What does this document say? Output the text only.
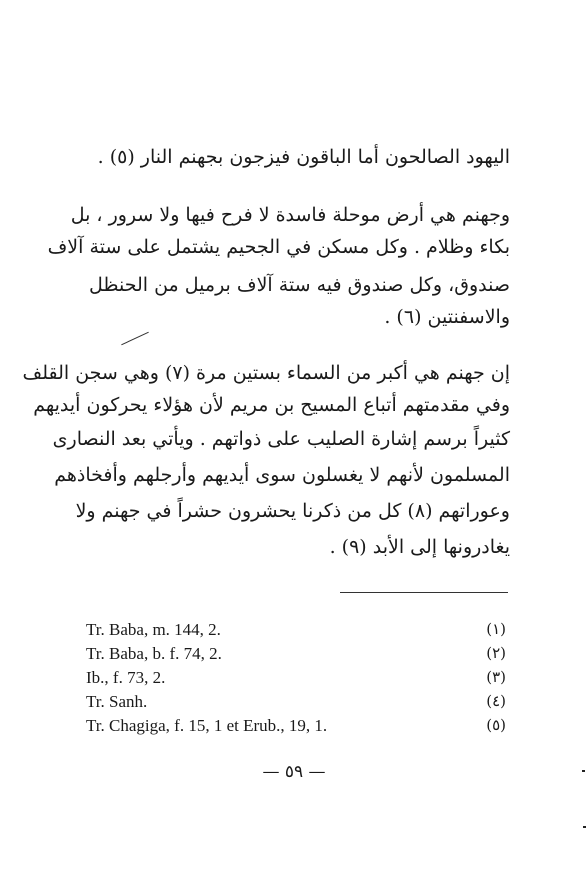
اليهود الصالحون أما الباقون فيزجون بجهنم النار (٥) .
وجهنم هي أرض موحلة فاسدة لا فرح فيها ولا سرور ، بل
بكاء وظلام . وكل مسكن في الجحيم يشتمل على ستة آلاف
صندوق، وكل صندوق فيه ستة آلاف برميل من الحنظل
والاسفنتين (٦) .
إن جهنم هي أكبر من السماء بستين مرة (٧) وهي سجن القلف
وفي مقدمتهم أتباع المسيح بن مريم لأن هؤلاء يحركون أيديهم
كثيراً برسم إشارة الصليب على ذواتهم . ويأتي بعد النصارى
المسلمون لأنهم لا يغسلون سوى أيديهم وأرجلهم وأفخاذهم
وعوراتهم (٨) كل من ذكرنا يحشرون حشراً في جهنم ولا
يغادرونها إلى الأبد (٩) .
Tr. Baba, m. 144, 2.	(١)
Tr. Baba, b. f. 74, 2.	(٢)
Ib., f. 73, 2.	(٣)
Tr. Sanh.	(٤)
Tr. Chagiga, f. 15, 1 et Erub., 19, 1.	(٥)
— ٥٩ —
